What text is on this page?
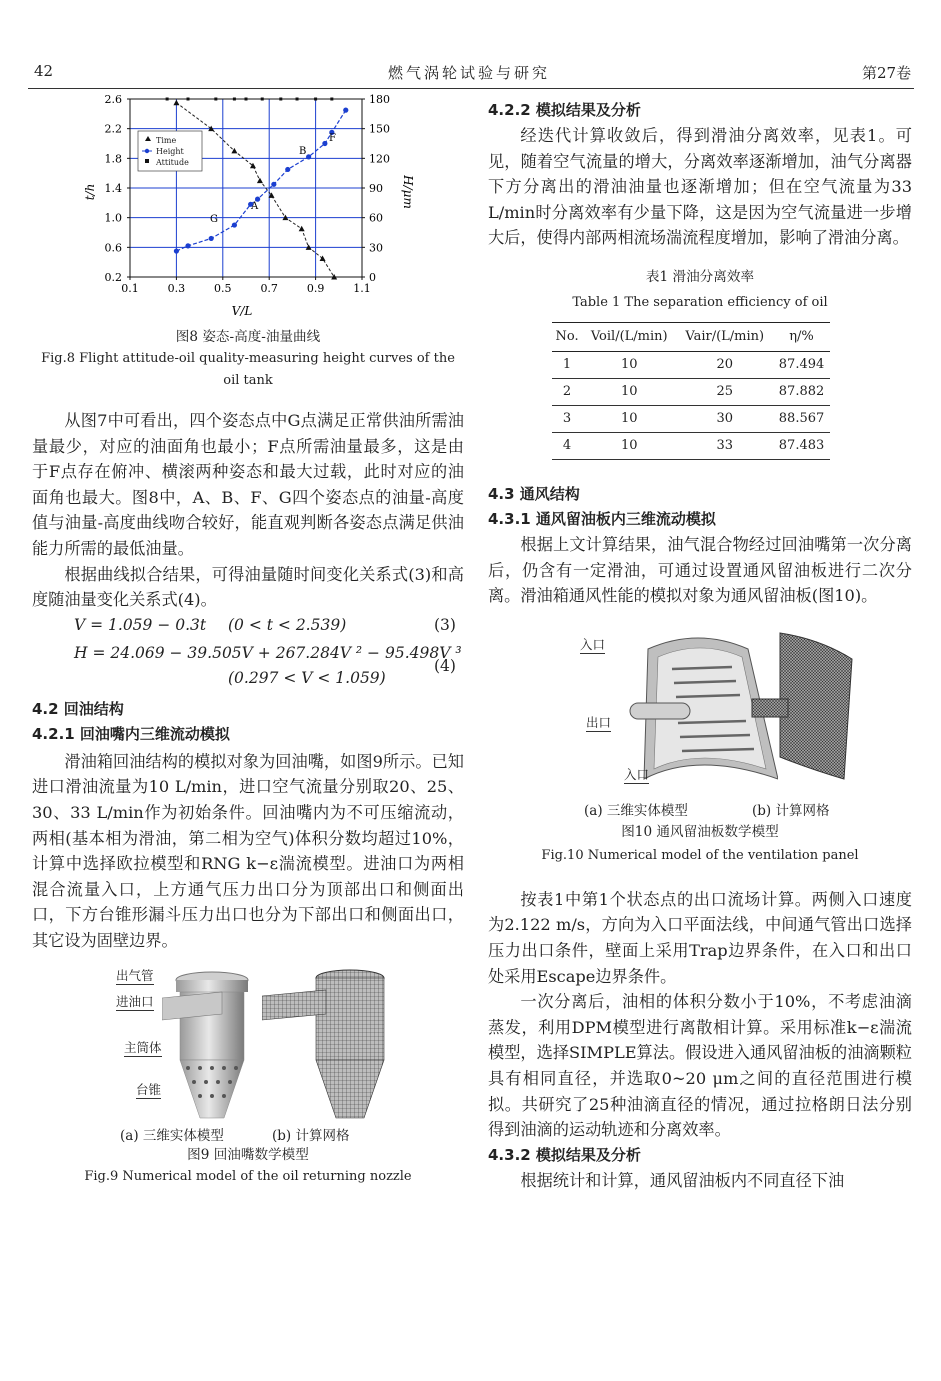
42	燃气涡轮试验与研究	第27卷
0.1	0.3	0.5	0.7	0.9	1.1
2.6
2.2
1.8
1.4
1.0
0.6
0.2
180
150
120
90
60
30
0
Time
Height
Attitude
G
A
B
F
V/L
t/h	H/μm

图8 姿态-高度-油量曲线

Fig.8 Flight attitude-oil quality-measuring height curves of the

oil tank

从图7中可看出，四个姿态点中G点满足正常供油所需油量最少，对应的油面角也最小；F点所需油量最多，这是由于F点存在俯冲、横滚两种姿态和最大过载，此时对应的油面角也最大。图8中，A、B、F、G四个姿态点的油量-高度值与油量-高度曲线吻合较好，能直观判断各姿态点满足供油能力所需的最低油量。

根据曲线拟合结果，可得油量随时间变化关系式(3)和高度随油量变化关系式(4)。

V = 1.059 − 0.3t (0 < t < 2.539)	(3)
H = 24.069 − 39.505V + 267.284V ² − 95.498V ³
(0.297 < V < 1.059)
(4)

4.2 回油结构

4.2.1 回油嘴内三维流动模拟

滑油箱回油结构的模拟对象为回油嘴，如图9所示。已知进口滑油流量为10 L/min，进口空气流量分别取20、25、30、33 L/min作为初始条件。回油嘴内为不可压缩流动，两相(基本相为滑油，第二相为空气)体积分数均超过10%，计算中选择欧拉模型和RNG k−ε湍流模型。进油口为两相混合流量入口，上方通气压力出口分为顶部出口和侧面出口，下方台锥形漏斗压力出口也分为下部出口和侧面出口，其它设为固壁边界。

出气管
进油口
主筒体
台锥
(a) 三维实体模型	(b) 计算网格

图9 回油嘴数学模型

Fig.9 Numerical model of the oil returning nozzle

4.2.2 模拟结果及分析

经迭代计算收敛后，得到滑油分离效率，见表1。可见，随着空气流量的增大，分离效率逐渐增加，油气分离器下方分离出的滑油油量也逐渐增加；但在空气流量为33 L/min时分离效率有少量下降，这是因为空气流量进一步增大后，使得内部两相流场湍流程度增加，影响了滑油分离。

表1 滑油分离效率

Table 1 The separation efficiency of oil

No.	Voil/(L/min)	Vair/(L/min)	η/%
1	10	20	87.494
2	10	25	87.882
3	10	30	88.567
4	10	33	87.483

4.3 通风结构

4.3.1 通风留油板内三维流动模拟

根据上文计算结果，油气混合物经过回油嘴第一次分离后，仍含有一定滑油，可通过设置通风留油板进行二次分离。滑油箱通风性能的模拟对象为通风留油板(图10)。

入口
出口
入口
(a) 三维实体模型	(b) 计算网格

图10 通风留油板数学模型

Fig.10 Numerical model of the ventilation panel

按表1中第1个状态点的出口流场计算。两侧入口速度为2.122 m/s，方向为入口平面法线，中间通气管出口选择压力出口条件，壁面上采用Trap边界条件，在入口和出口处采用Escape边界条件。

一次分离后，油相的体积分数小于10%，不考虑油滴蒸发，利用DPM模型进行离散相计算。采用标准k−ε湍流模型，选择SIMPLE算法。假设进入通风留油板的油滴颗粒具有相同直径，并选取0~20 μm之间的直径范围进行模拟。共研究了25种油滴直径的情况，通过拉格朗日法分别得到油滴的运动轨迹和分离效率。

4.3.2 模拟结果及分析

根据统计和计算，通风留油板内不同直径下油
